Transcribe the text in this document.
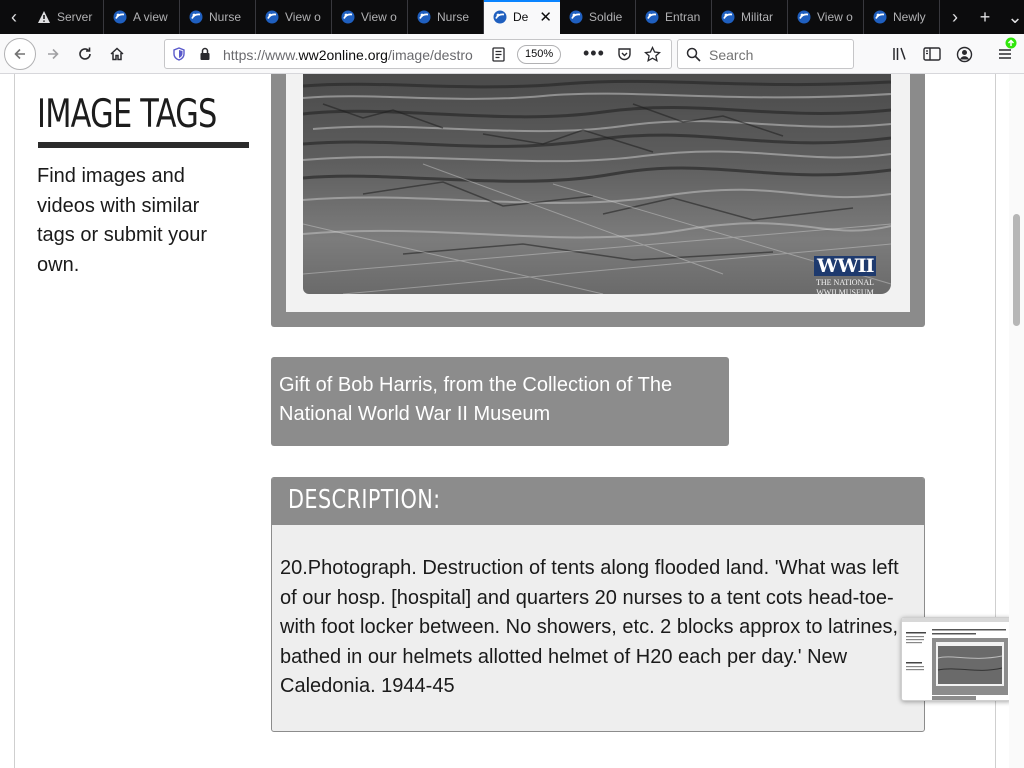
‹	Server	A view	Nurse	View o	View o	Nurse	De ✕	Soldie	Entran	Militar	View o	Newly	›	+ ⌄
https://www.ww2online.org/image/destro	150%	•••	Search
IMAGE TAGS
Find images and videos with similar tags or submit your own.	WWII
THE NATIONAL
WWII MUSEUM
Gift of Bob Harris, from the Collection of The National World War II Museum
DESCRIPTION:
20.Photograph. Destruction of tents along flooded land. 'What was left of our hosp. [hospital] and quarters 20 nurses to a tent cots head-toe- with foot locker between. No showers, etc. 2 blocks approx to latrines, bathed in our helmets allotted helmet of H20 each per day.' New Caledonia. 1944-45
